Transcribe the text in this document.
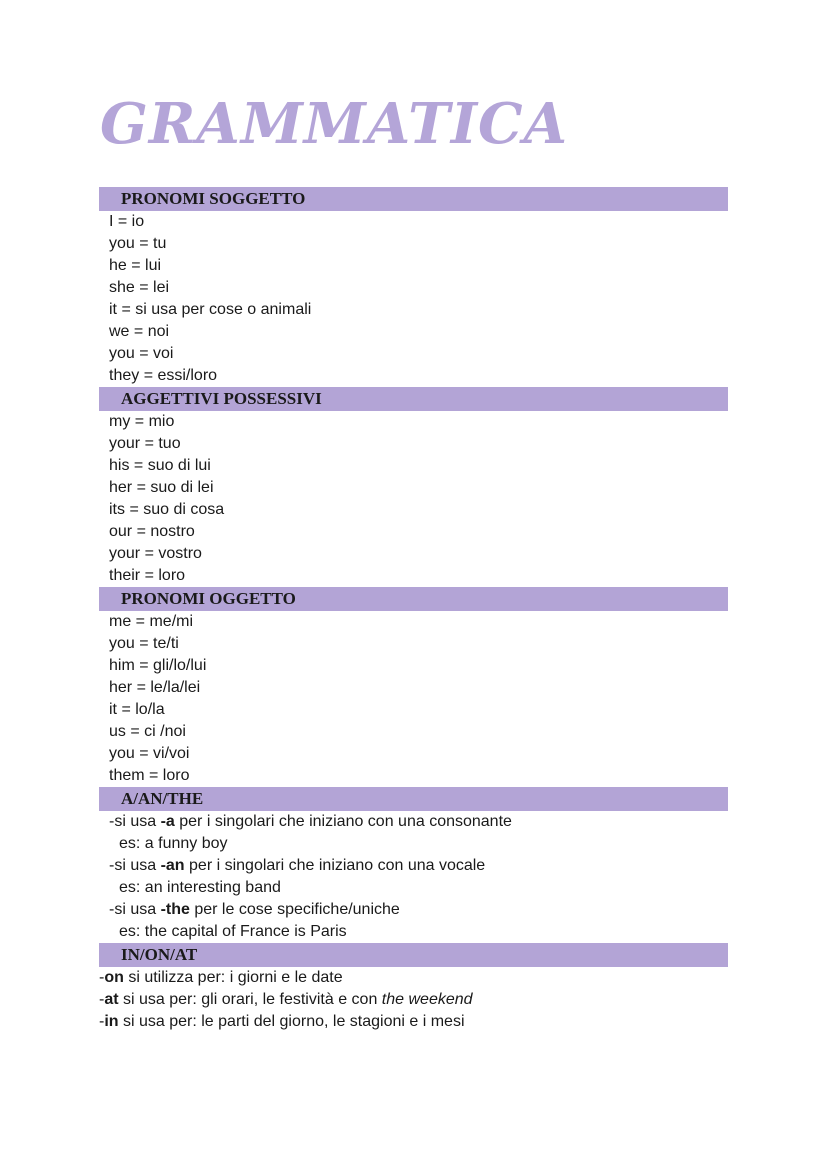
GRAMMATICA
PRONOMI SOGGETTO
I = io
you = tu
he = lui
she = lei
it = si usa per cose o animali
we = noi
you = voi
they = essi/loro
AGGETTIVI POSSESSIVI
my = mio
your = tuo
his = suo di lui
her = suo di lei
its = suo di cosa
our = nostro
your = vostro
their = loro
PRONOMI OGGETTO
me = me/mi
you = te/ti
him = gli/lo/lui
her = le/la/lei
it = lo/la
us = ci /noi
you = vi/voi
them = loro
A/AN/THE
-si usa -a per i singolari che iniziano con una consonante
es: a funny boy
-si usa -an per i singolari che iniziano con una vocale
es: an interesting band
-si usa -the per le cose specifiche/uniche
es: the capital of France is Paris
IN/ON/AT
-on si utilizza per: i giorni e le date
-at si usa per: gli orari, le festività e con the weekend
-in si usa per: le parti del giorno, le stagioni e i mesi
